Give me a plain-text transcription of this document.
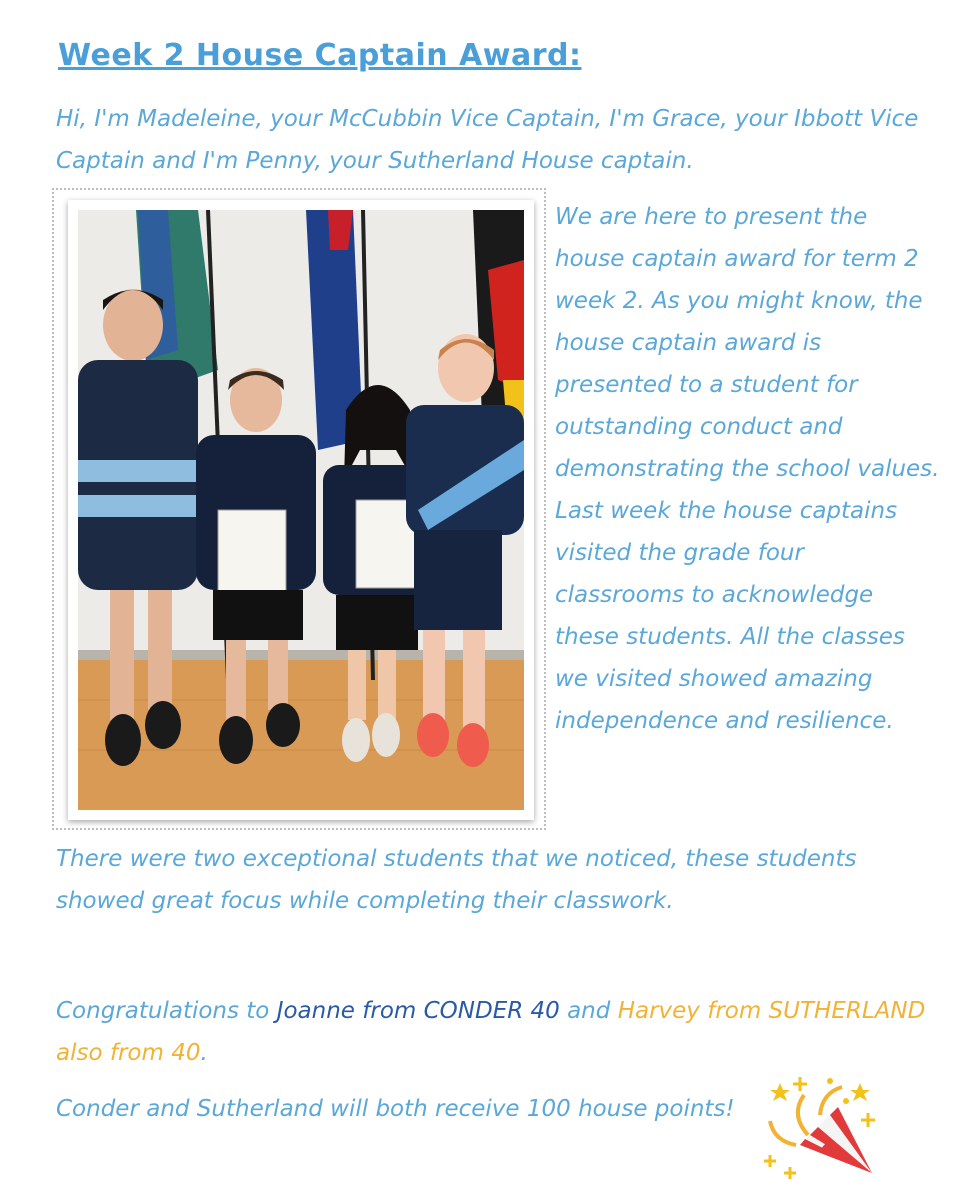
Week 2 House Captain Award:
Hi, I'm Madeleine, your McCubbin Vice Captain, I'm Grace, your Ibbott Vice Captain and I'm Penny, your Sutherland House captain.
We are here to present the house captain award for term 2 week 2. As you might know, the house captain award is presented to a student for outstanding conduct and demonstrating the school values. Last week the house captains visited the grade four classrooms to acknowledge these students. All the classes we visited showed amazing independence and resilience.
There were two exceptional students that we noticed, these students showed great focus while completing their classwork.
Congratulations to Joanne from CONDER 40 and Harvey from SUTHERLAND also from 40.
Conder and Sutherland will both receive 100 house points!
